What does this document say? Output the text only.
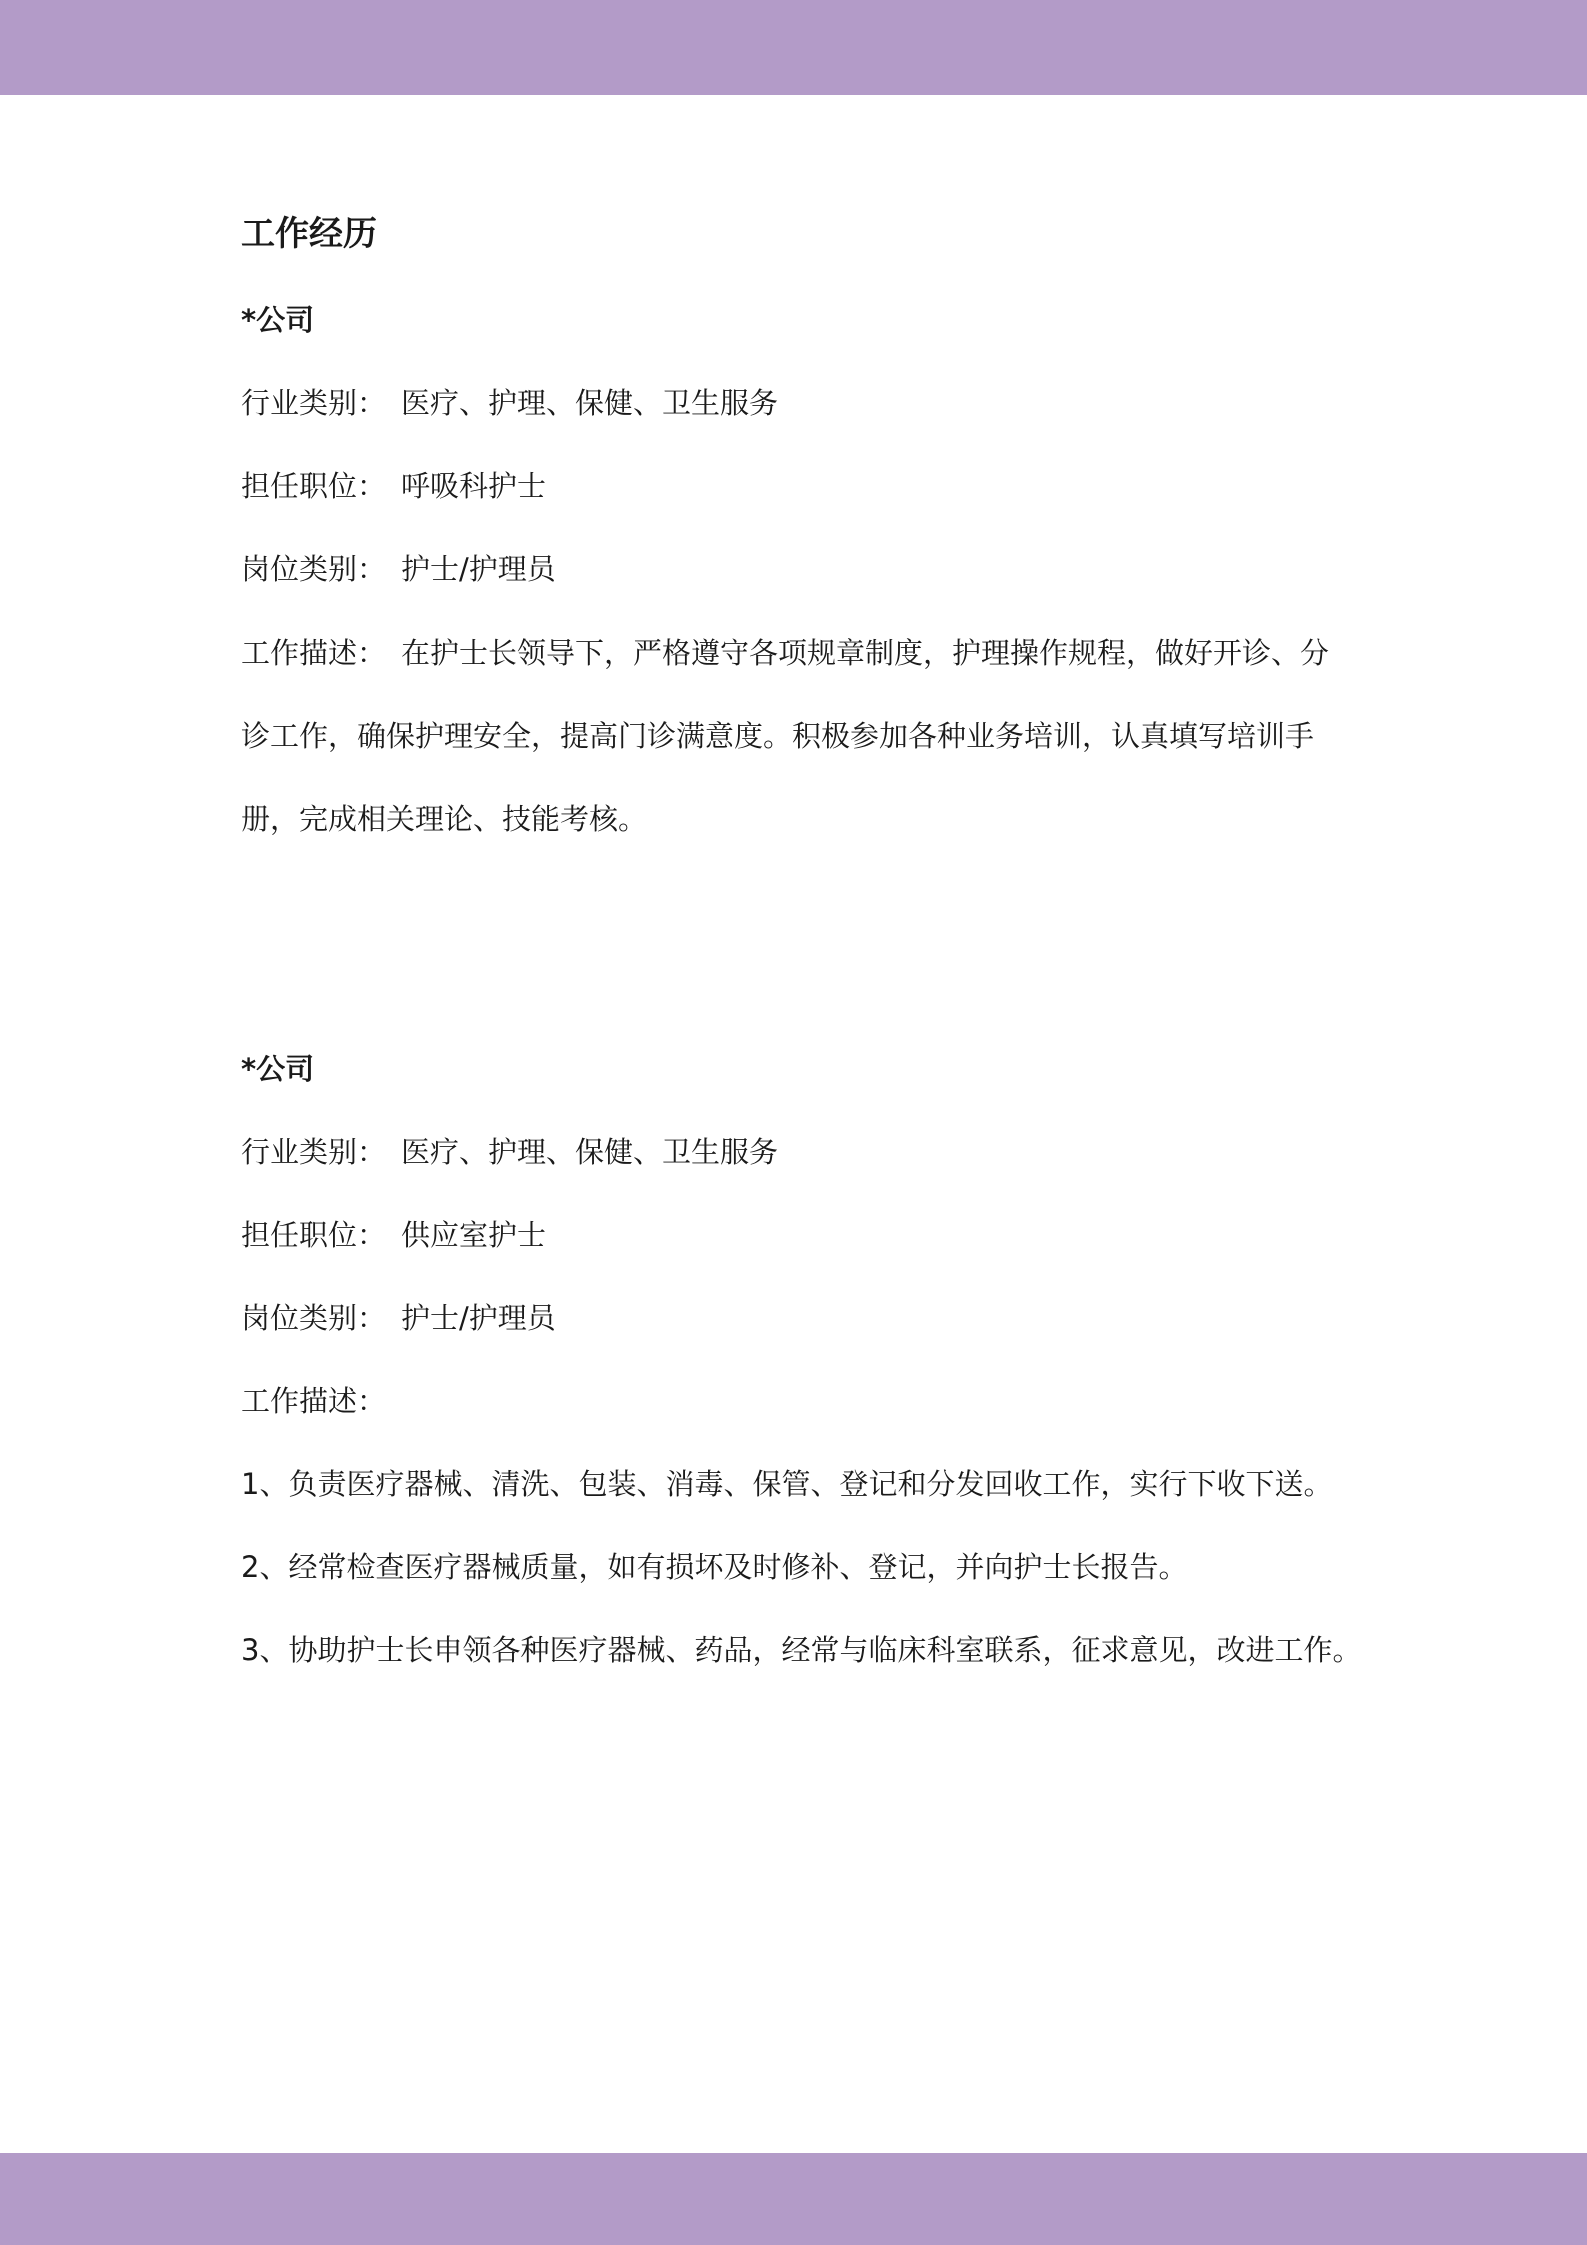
工作经历
*公司
行业类别： 医疗、护理、保健、卫生服务
担任职位： 呼吸科护士
岗位类别： 护士/护理员
工作描述： 在护士长领导下，严格遵守各项规章制度，护理操作规程，做好开诊、分诊工作，确保护理安全，提高门诊满意度。积极参加各种业务培训，认真填写培训手册，完成相关理论、技能考核。
*公司
行业类别： 医疗、护理、保健、卫生服务
担任职位： 供应室护士
岗位类别： 护士/护理员
工作描述：
1、负责医疗器械、清洗、包装、消毒、保管、登记和分发回收工作，实行下收下送。
2、经常检查医疗器械质量，如有损坏及时修补、登记，并向护士长报告。
3、协助护士长申领各种医疗器械、药品，经常与临床科室联系，征求意见，改进工作。
